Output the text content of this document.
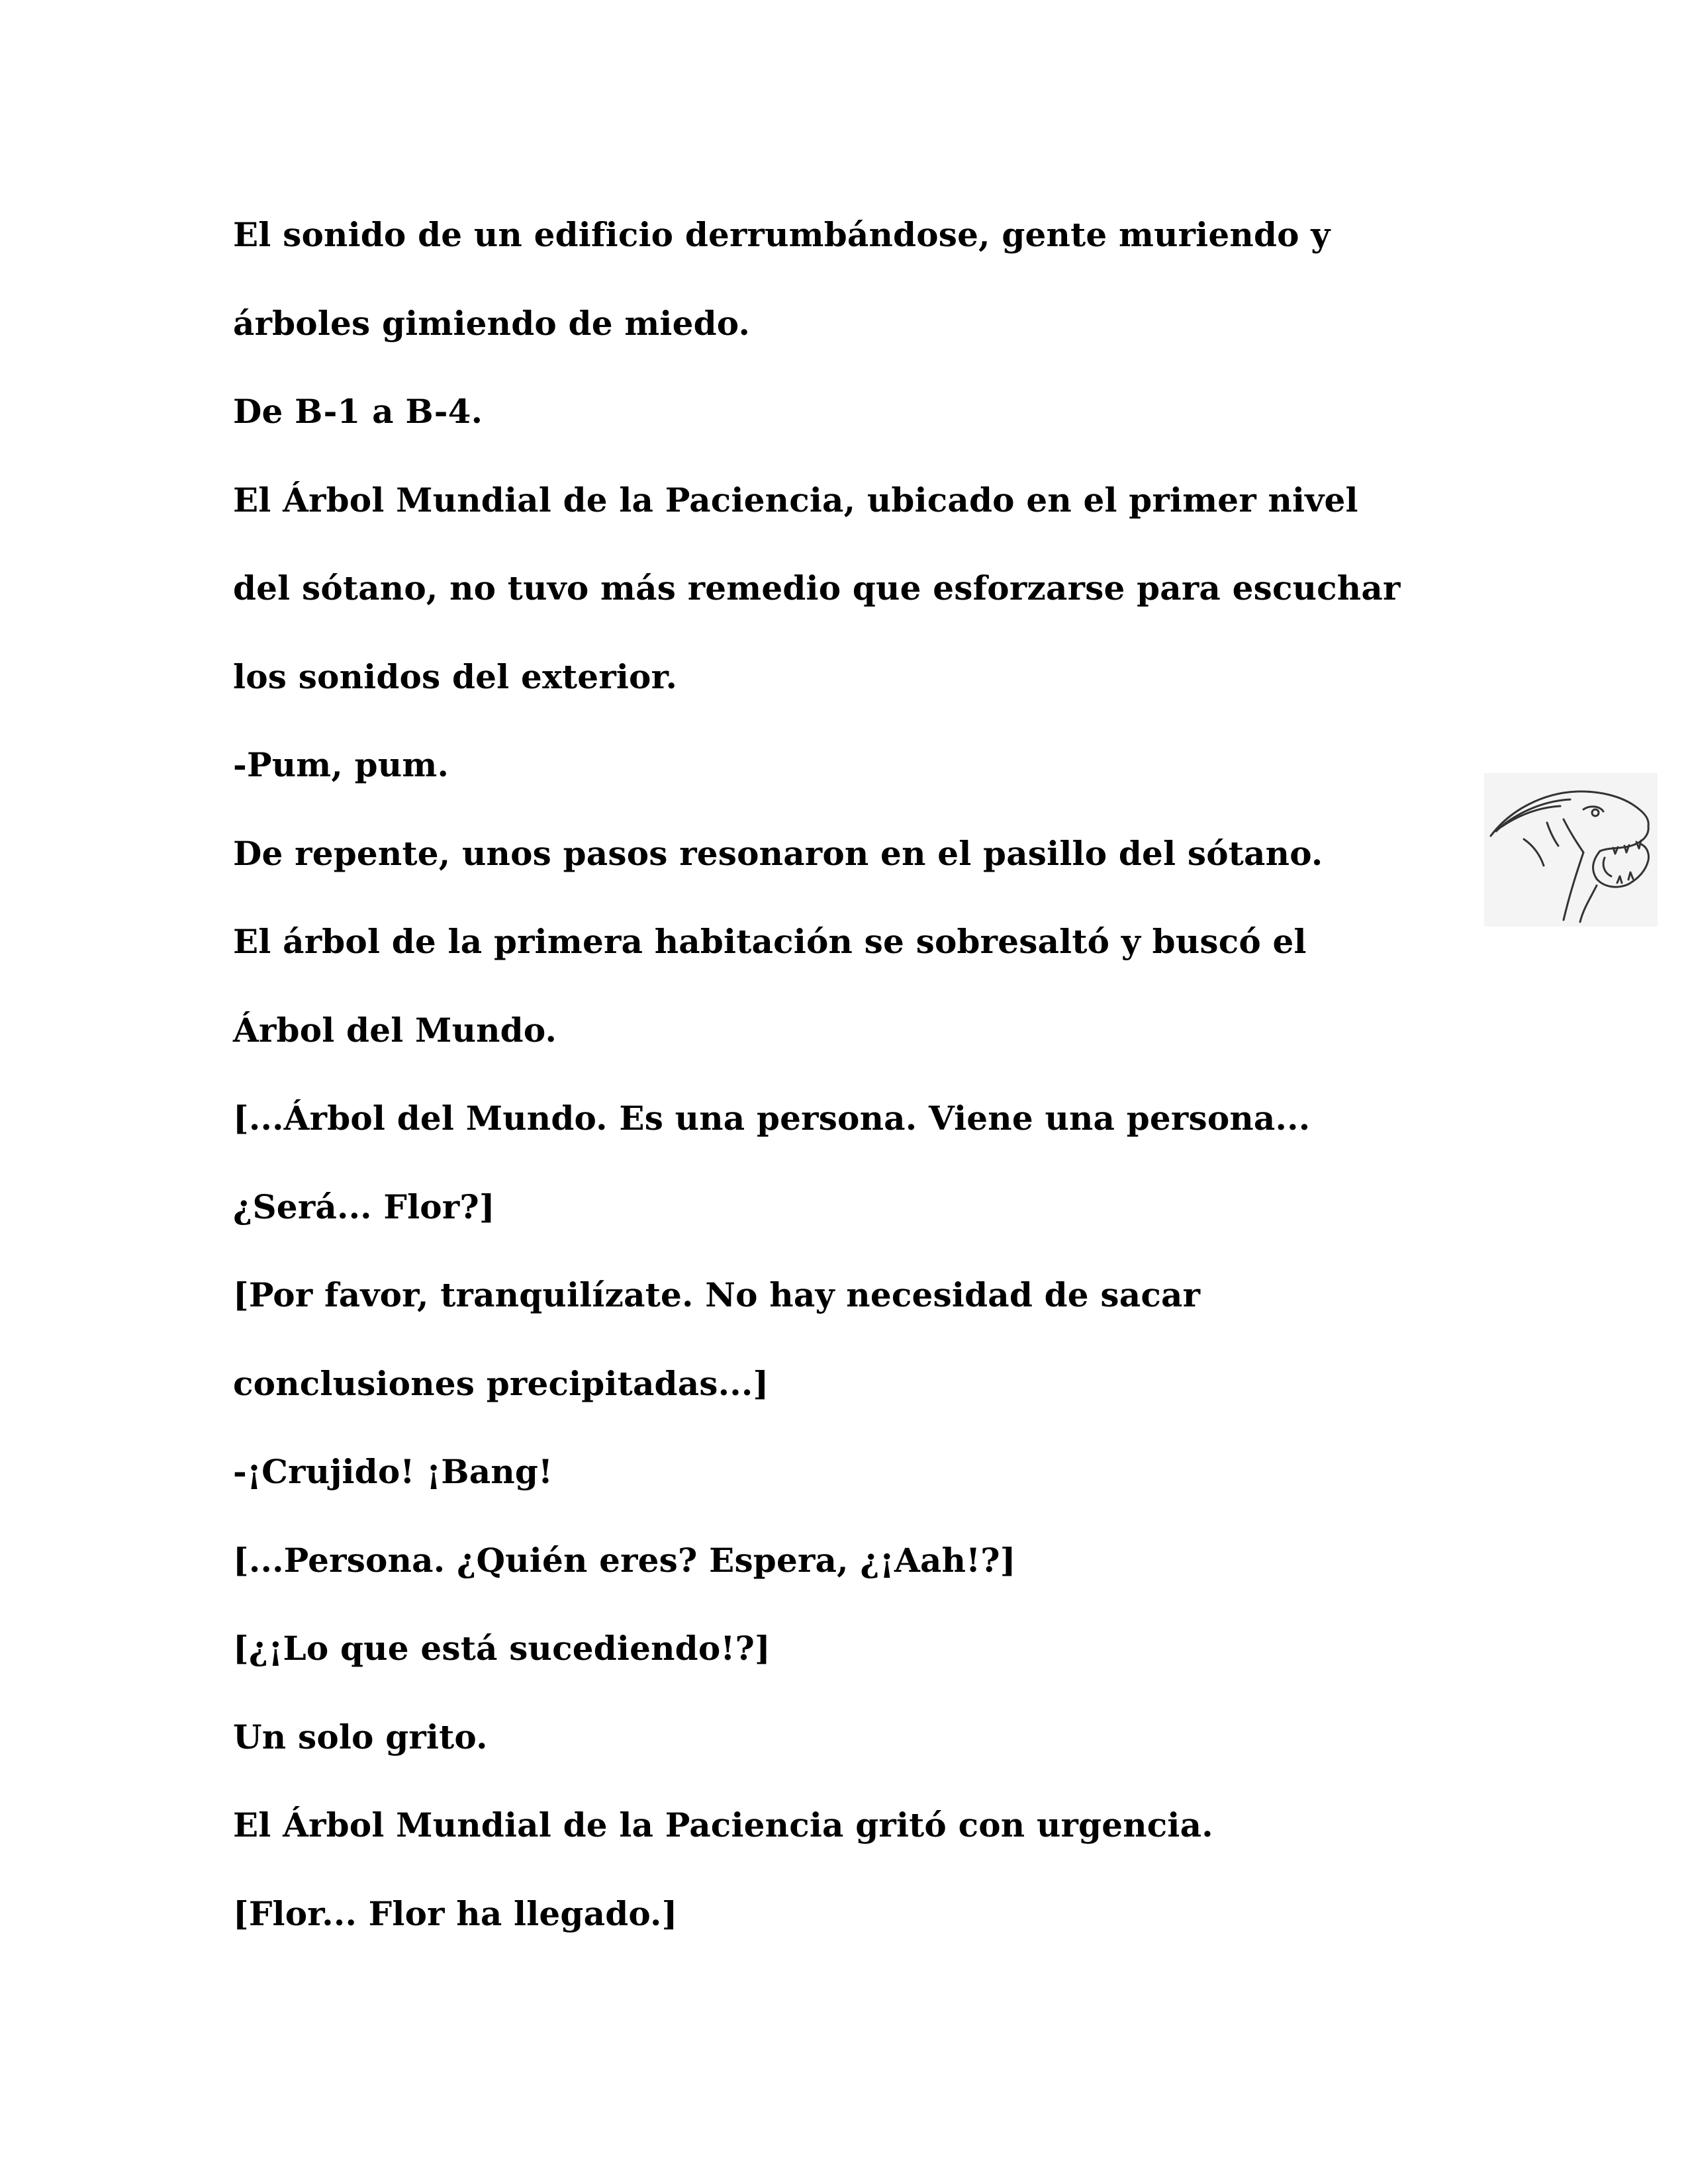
El sonido de un edificio derrumbándose, gente muriendo y
árboles gimiendo de miedo.
De B-1 a B-4.
El Árbol Mundial de la Paciencia, ubicado en el primer nivel
del sótano, no tuvo más remedio que esforzarse para escuchar
los sonidos del exterior.
-Pum, pum.
De repente, unos pasos resonaron en el pasillo del sótano.
El árbol de la primera habitación se sobresaltó y buscó el
Árbol del Mundo.
[...Árbol del Mundo. Es una persona. Viene una persona...
¿Será... Flor?]
[Por favor, tranquilízate. No hay necesidad de sacar
conclusiones precipitadas...]
-¡Crujido! ¡Bang!
[...Persona. ¿Quién eres? Espera, ¿¡Aah!?]
[¿¡Lo que está sucediendo!?]
Un solo grito.
El Árbol Mundial de la Paciencia gritó con urgencia.
[Flor... Flor ha llegado.]
